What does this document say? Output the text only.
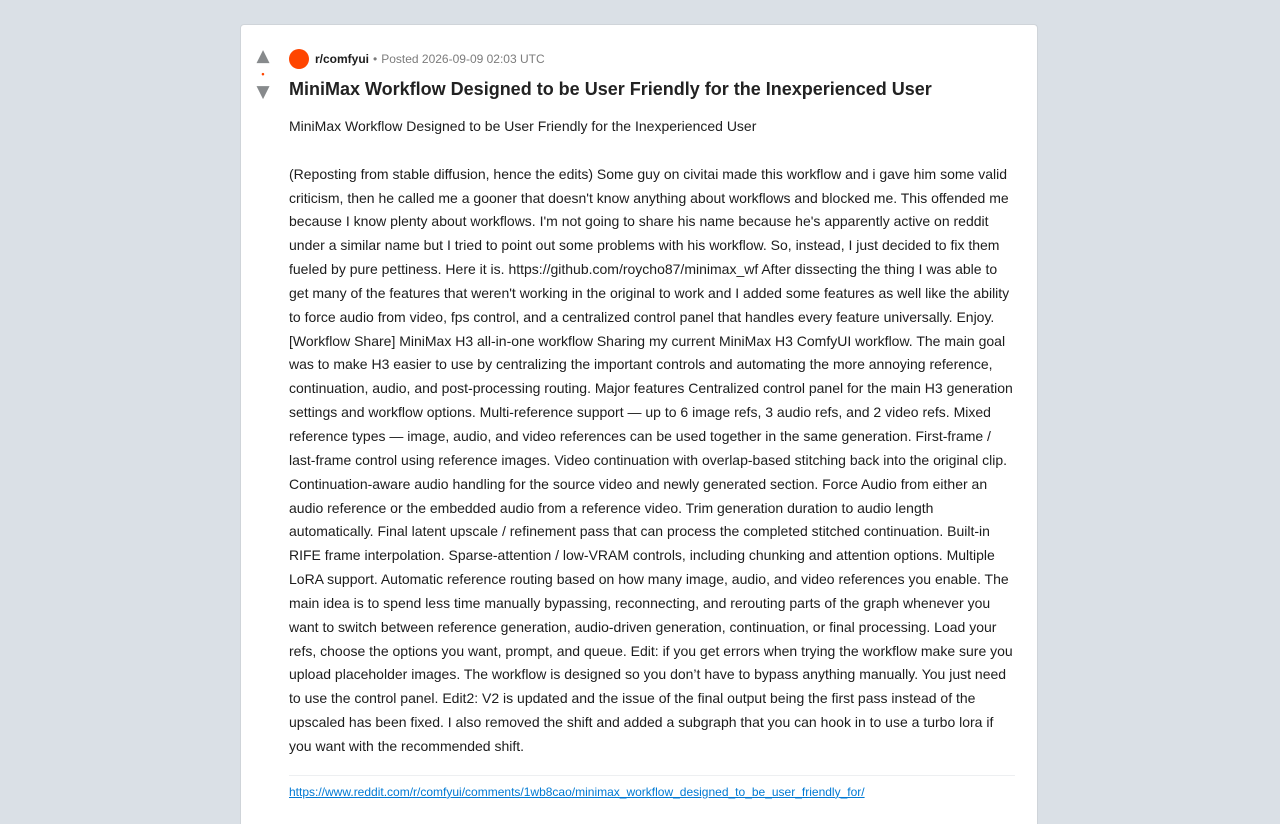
▲
•
▼
r/comfyui • Posted 2026-09-09 02:03 UTC
MiniMax Workflow Designed to be User Friendly for the Inexperienced User

MiniMax Workflow Designed to be User Friendly for the Inexperienced User

(Reposting from stable diffusion, hence the edits) Some guy on civitai made this workflow and i gave him some valid criticism, then he called me a gooner that doesn't know anything about workflows and blocked me. This offended me because I know plenty about workflows. I'm not going to share his name because he's apparently active on reddit under a similar name but I tried to point out some problems with his workflow. So, instead, I just decided to fix them fueled by pure pettiness. Here it is. https://github.com/roycho87/minimax_wf After dissecting the thing I was able to get many of the features that weren't working in the original to work and I added some features as well like the ability to force audio from video, fps control, and a centralized control panel that handles every feature universally. Enjoy. [Workflow Share] MiniMax H3 all-in-one workflow Sharing my current MiniMax H3 ComfyUI workflow. The main goal was to make H3 easier to use by centralizing the important controls and automating the more annoying reference, continuation, audio, and post-processing routing. Major features Centralized control panel for the main H3 generation settings and workflow options. Multi-reference support — up to 6 image refs, 3 audio refs, and 2 video refs. Mixed reference types — image, audio, and video references can be used together in the same generation. First-frame / last-frame control using reference images. Video continuation with overlap-based stitching back into the original clip. Continuation-aware audio handling for the source video and newly generated section. Force Audio from either an audio reference or the embedded audio from a reference video. Trim generation duration to audio length automatically. Final latent upscale / refinement pass that can process the completed stitched continuation. Built-in RIFE frame interpolation. Sparse-attention / low-VRAM controls, including chunking and attention options. Multiple LoRA support. Automatic reference routing based on how many image, audio, and video references you enable. The main idea is to spend less time manually bypassing, reconnecting, and rerouting parts of the graph whenever you want to switch between reference generation, audio-driven generation, continuation, or final processing. Load your refs, choose the options you want, prompt, and queue. Edit: if you get errors when trying the workflow make sure you upload placeholder images. The workflow is designed so you don’t have to bypass anything manually. You just need to use the control panel. Edit2: V2 is updated and the issue of the final output being the first pass instead of the upscaled has been fixed. I also removed the shift and added a subgraph that you can hook in to use a turbo lora if you want with the recommended shift.

https://www.reddit.com/r/comfyui/comments/1wb8cao/minimax_workflow_designed_to_be_user_friendly_for/
